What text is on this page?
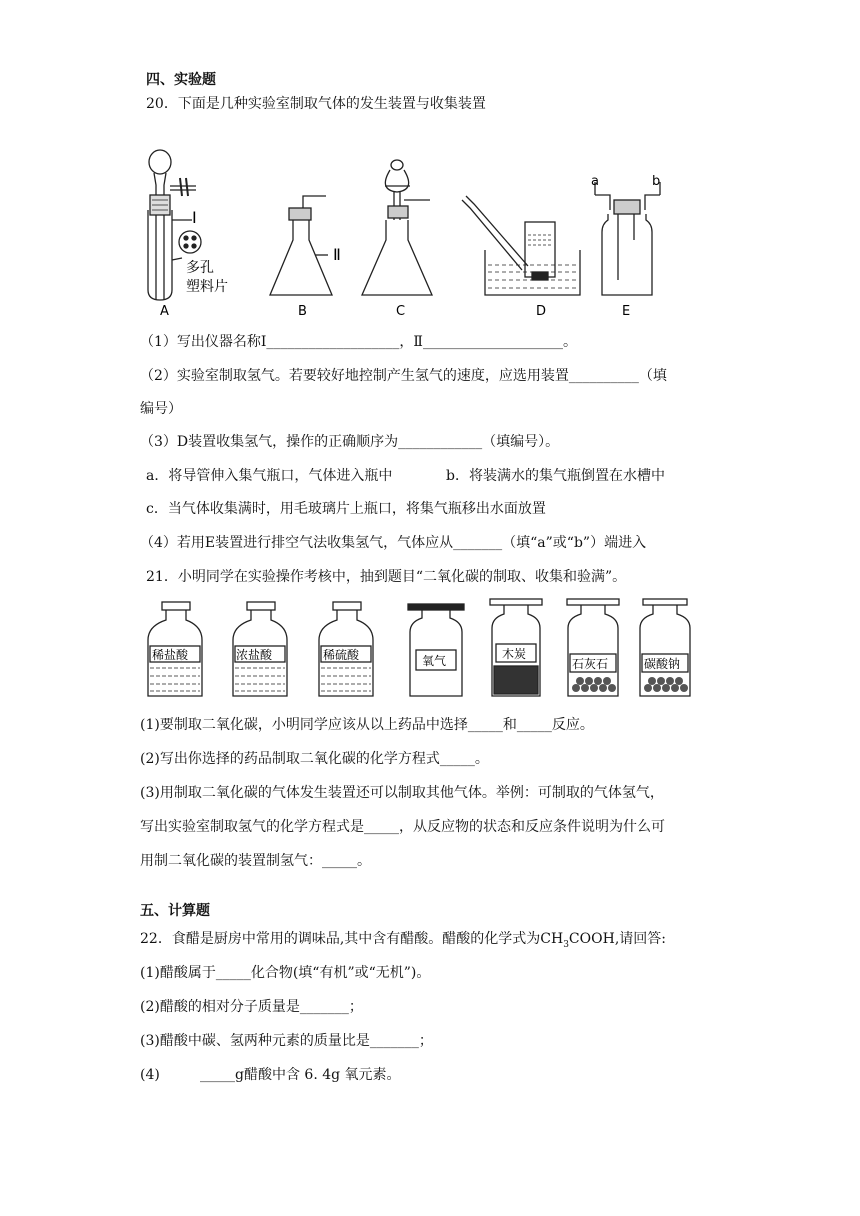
四、实验题
20．下面是几种实验室制取气体的发生装置与收集装置
Ⅰ
Ⅱ
多孔
塑料片
a	b
A	B	C	D	E
（1）写出仪器名称Ⅰ___________________，Ⅱ____________________。
（2）实验室制取氢气。若要较好地控制产生氢气的速度，应选用装置__________（填
编号）
（3）D装置收集氢气，操作的正确顺序为____________（填编号）。
a．将导管伸入集气瓶口，气体进入瓶中	b．将装满水的集气瓶倒置在水槽中
c．当气体收集满时，用毛玻璃片上瓶口，将集气瓶移出水面放置
（4）若用E装置进行排空气法收集氢气，气体应从_______（填“a”或“b”）端进入
21．小明同学在实验操作考核中，抽到题目“二氧化碳的制取、收集和验满”。
稀盐酸	浓盐酸	稀硫酸	氧气	木炭
石灰石	碳酸钠
(1)要制取二氧化碳，小明同学应该从以上药品中选择_____和_____反应。
(2)写出你选择的药品制取二氧化碳的化学方程式_____。
(3)用制取二氧化碳的气体发生装置还可以制取其他气体。举例：可制取的气体氢气，
写出实验室制取氢气的化学方程式是_____，从反应物的状态和反应条件说明为什么可
用制二氧化碳的装置制氢气：_____。
五、计算题
22．食醋是厨房中常用的调味品,其中含有醋酸。醋酸的化学式为$CH_3COOH$,请回答:
(1)醋酸属于_____化合物(填“有机”或“无机”)。
(2)醋酸的相对分子质量是_______；
(3)醋酸中碳、氢两种元素的质量比是_______；
(4)	_____g醋酸中含 6. 4g 氧元素。
